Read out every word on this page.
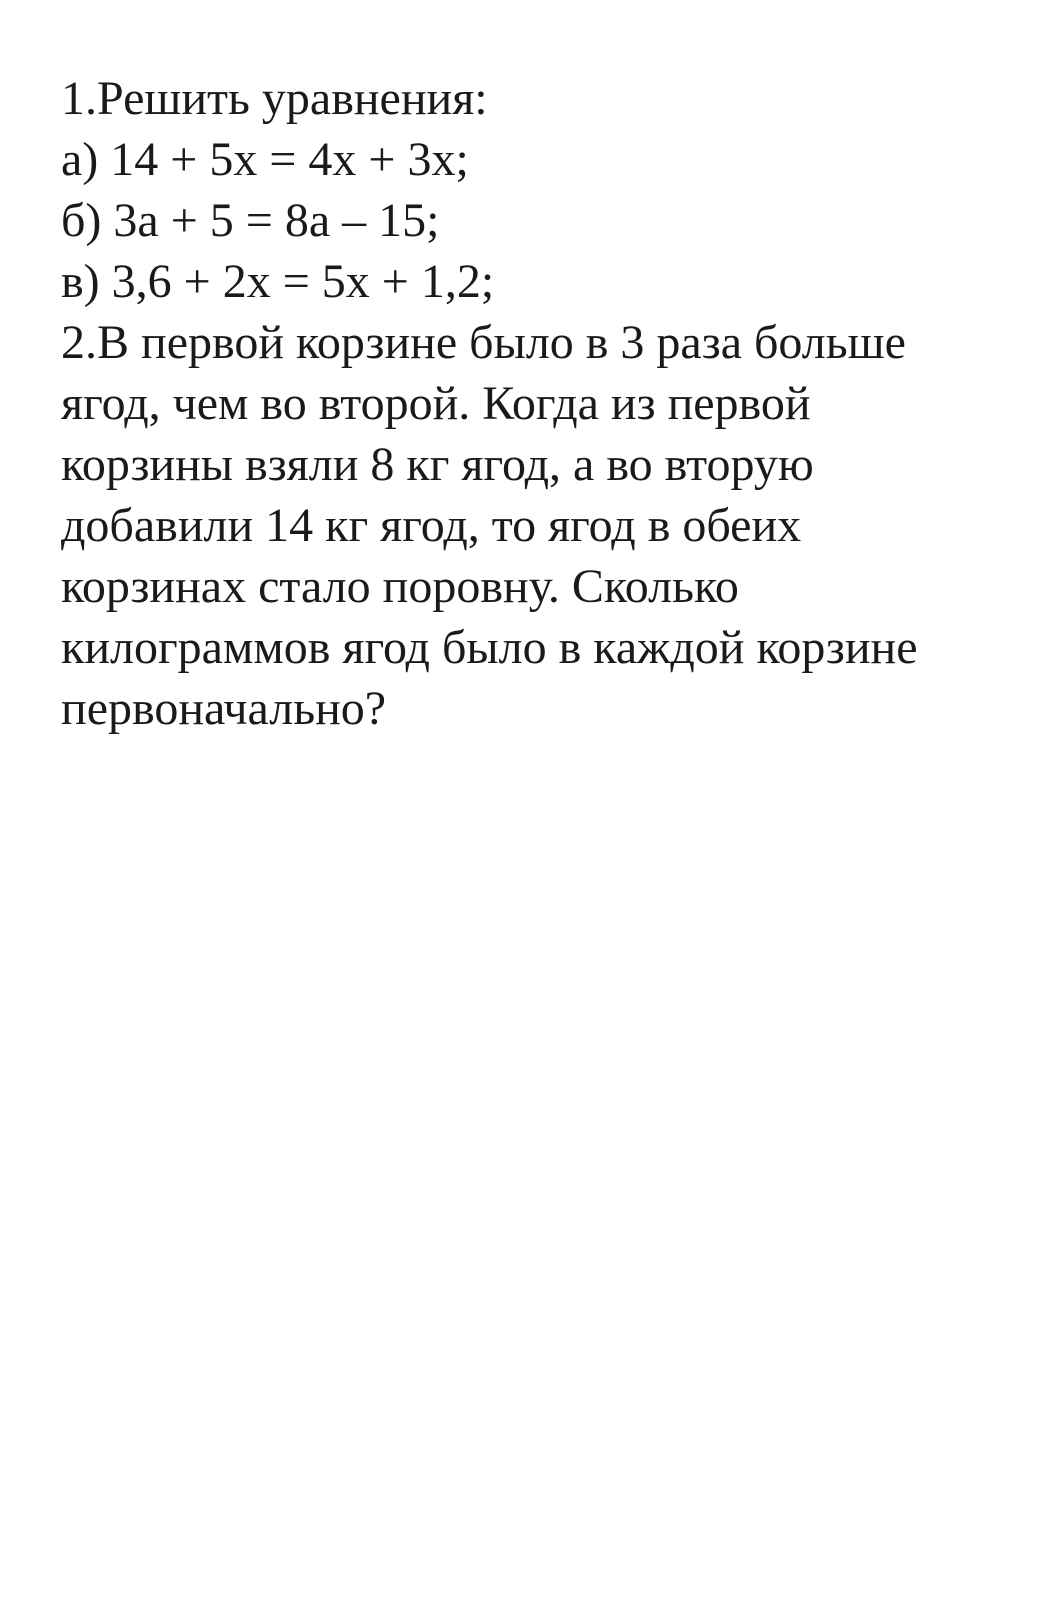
1.Решить уравнения:
а) 14 + 5х = 4х + 3х;
б) 3а + 5 = 8а – 15;
в) 3,6 + 2х = 5х + 1,2;
2.В первой корзине было в 3 раза больше
ягод, чем во второй. Когда из первой
корзины взяли 8 кг ягод, а во вторую
добавили 14 кг ягод, то ягод в обеих
корзинах стало поровну. Сколько
килограммов ягод было в каждой корзине
первоначально?
